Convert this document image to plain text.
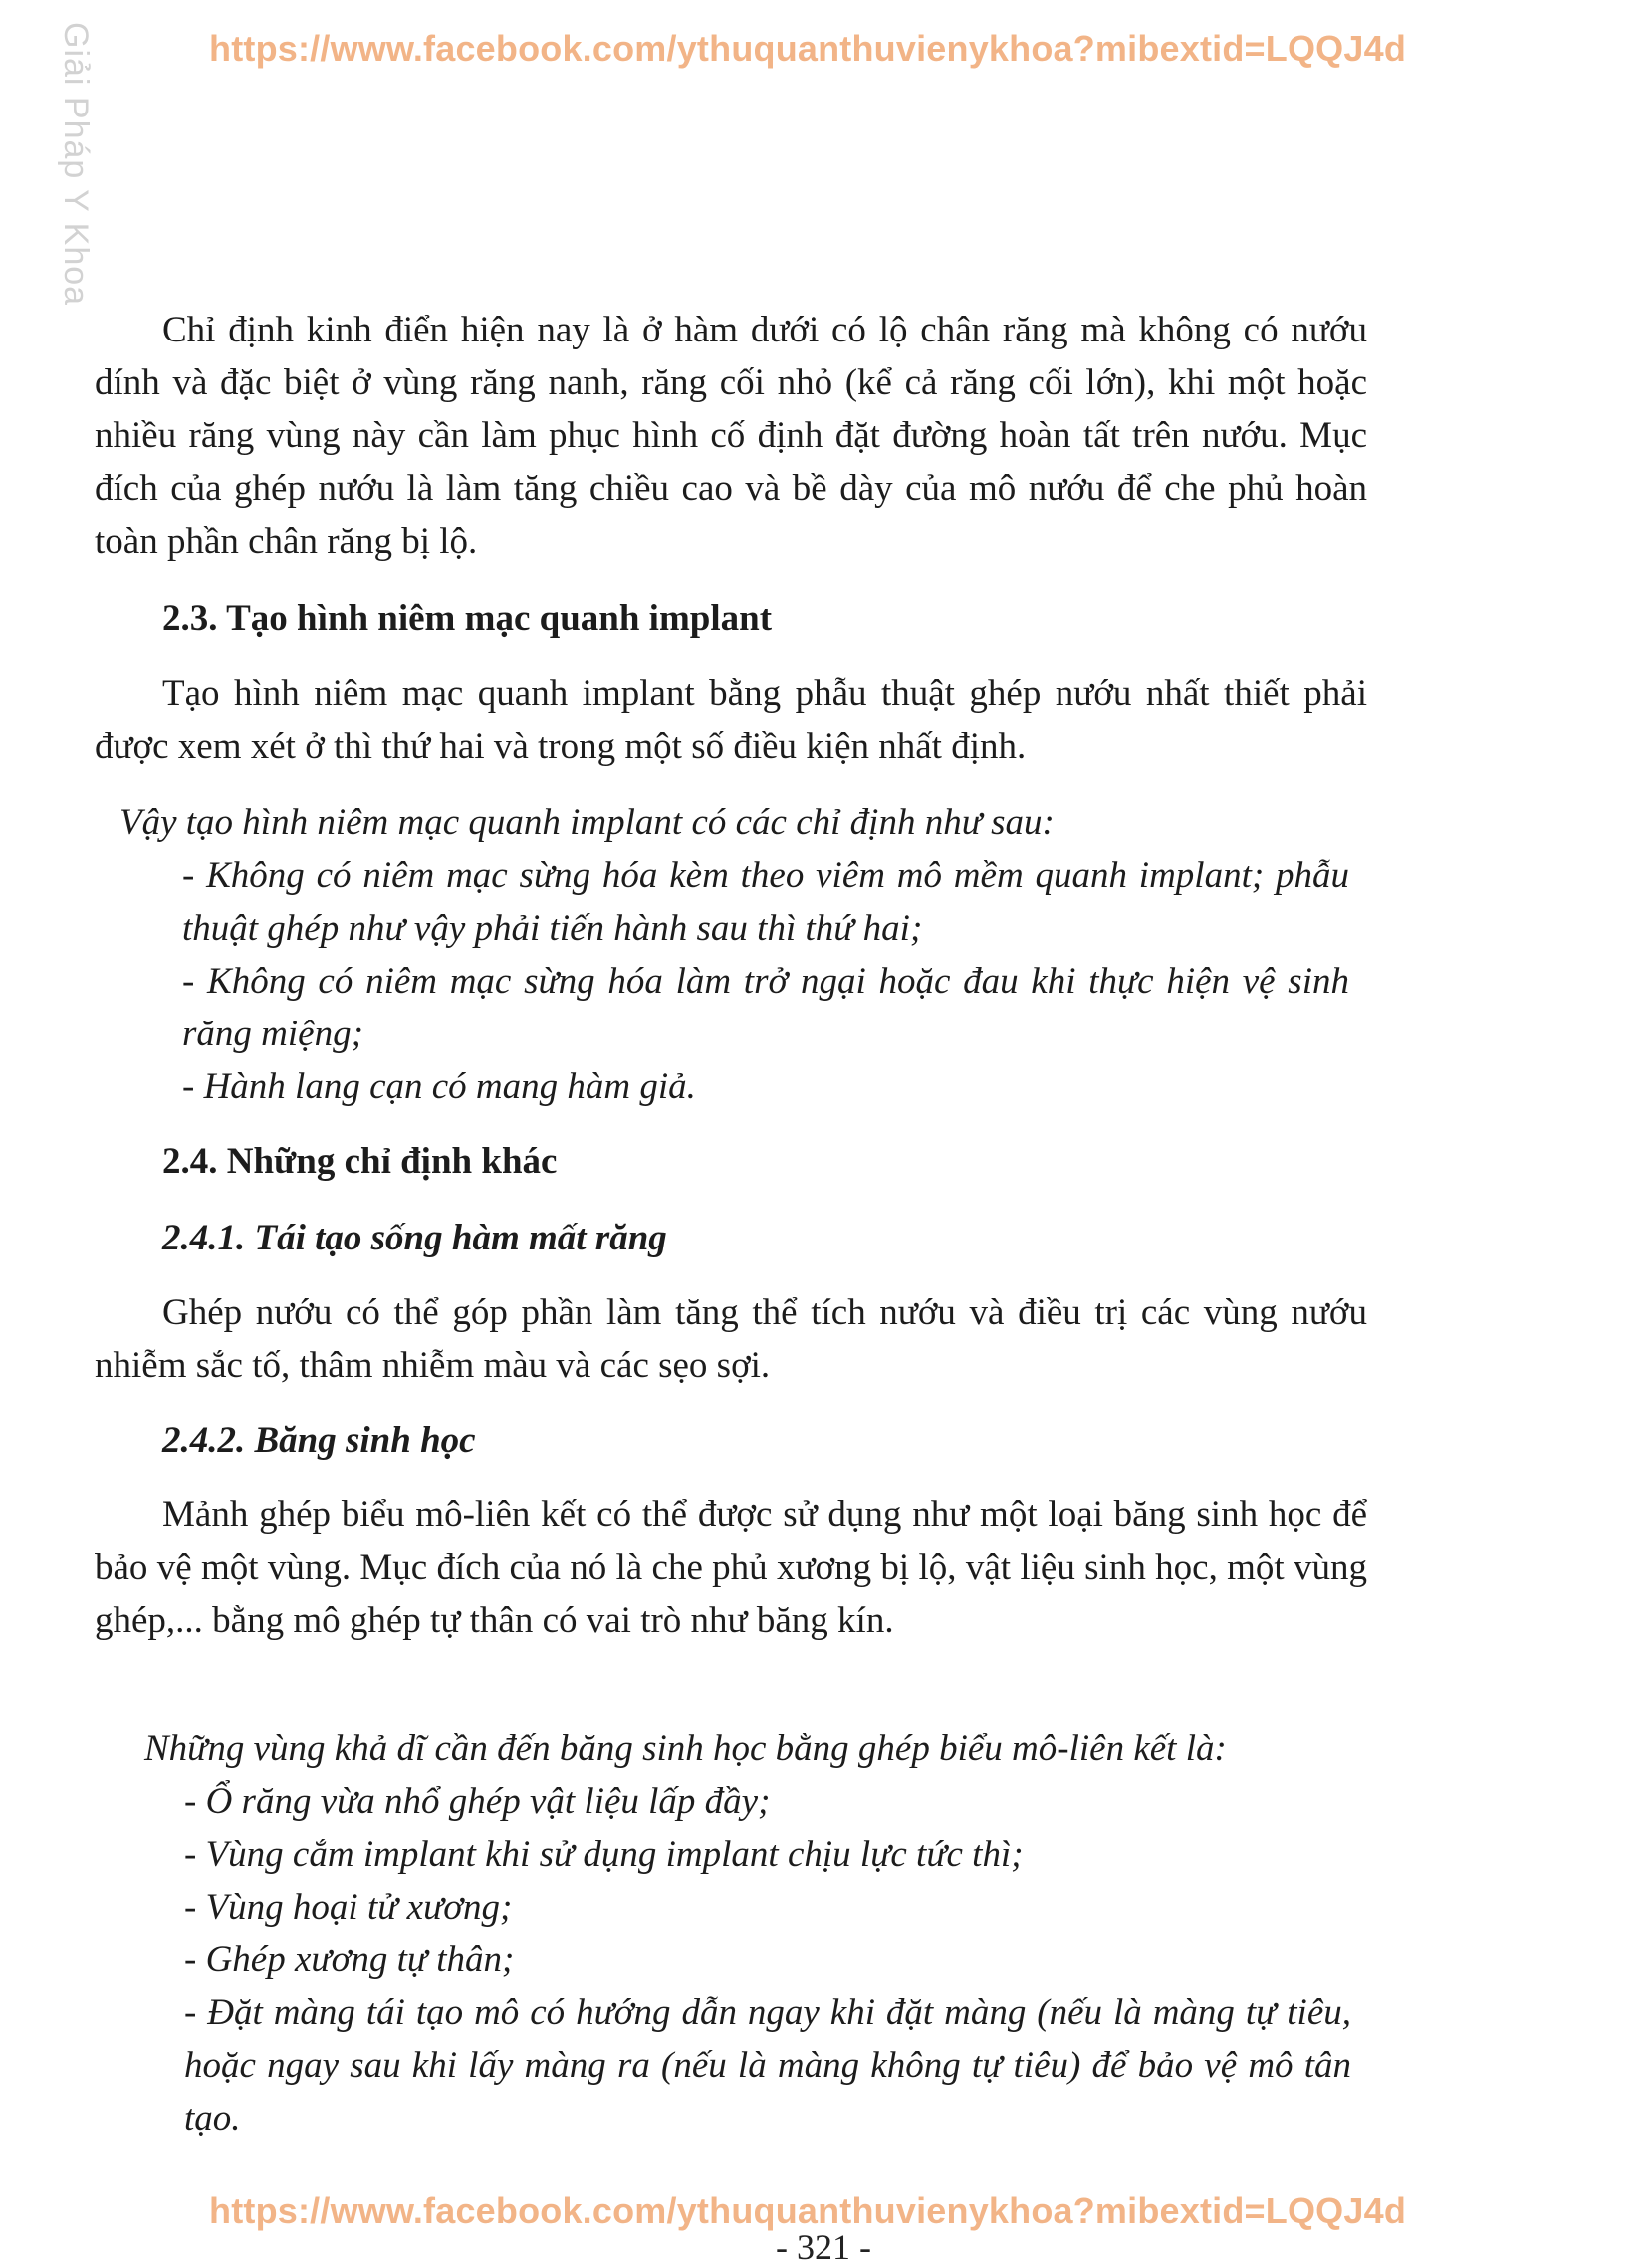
https://www.facebook.com/ythuquanthuvienykhoa?mibextid=LQQJ4d
Giải Pháp Y Khoa
Chỉ định kinh điển hiện nay là ở hàm dưới có lộ chân răng mà không có nướu dính và đặc biệt ở vùng răng nanh, răng cối nhỏ (kể cả răng cối lớn), khi một hoặc nhiều răng vùng này cần làm phục hình cố định đặt đường hoàn tất trên nướu. Mục đích của ghép nướu là làm tăng chiều cao và bề dày của mô nướu để che phủ hoàn toàn phần chân răng bị lộ.
2.3. Tạo hình niêm mạc quanh implant
Tạo hình niêm mạc quanh implant bằng phẫu thuật ghép nướu nhất thiết phải được xem xét ở thì thứ hai và trong một số điều kiện nhất định.
Vậy tạo hình niêm mạc quanh implant có các chỉ định như sau:
- Không có niêm mạc sừng hóa kèm theo viêm mô mềm quanh implant; phẫu thuật ghép như vậy phải tiến hành sau thì thứ hai;
- Không có niêm mạc sừng hóa làm trở ngại hoặc đau khi thực hiện vệ sinh răng miệng;
- Hành lang cạn có mang hàm giả.
2.4. Những chỉ định khác
2.4.1. Tái tạo sống hàm mất răng
Ghép nướu có thể góp phần làm tăng thể tích nướu và điều trị các vùng nướu nhiễm sắc tố, thâm nhiễm màu và các sẹo sợi.
2.4.2. Băng sinh học
Mảnh ghép biểu mô-liên kết có thể được sử dụng như một loại băng sinh học để bảo vệ một vùng. Mục đích của nó là che phủ xương bị lộ, vật liệu sinh học, một vùng ghép,... bằng mô ghép tự thân có vai trò như băng kín.
Những vùng khả dĩ cần đến băng sinh học bằng ghép biểu mô-liên kết là:
- Ổ răng vừa nhổ ghép vật liệu lấp đầy;
- Vùng cắm implant khi sử dụng implant chịu lực tức thì;
- Vùng hoại tử xương;
- Ghép xương tự thân;
- Đặt màng tái tạo mô có hướng dẫn ngay khi đặt màng (nếu là màng tự tiêu, hoặc ngay sau khi lấy màng ra (nếu là màng không tự tiêu) để bảo vệ mô tân tạo.
https://www.facebook.com/ythuquanthuvienykhoa?mibextid=LQQJ4d
- 321 -
